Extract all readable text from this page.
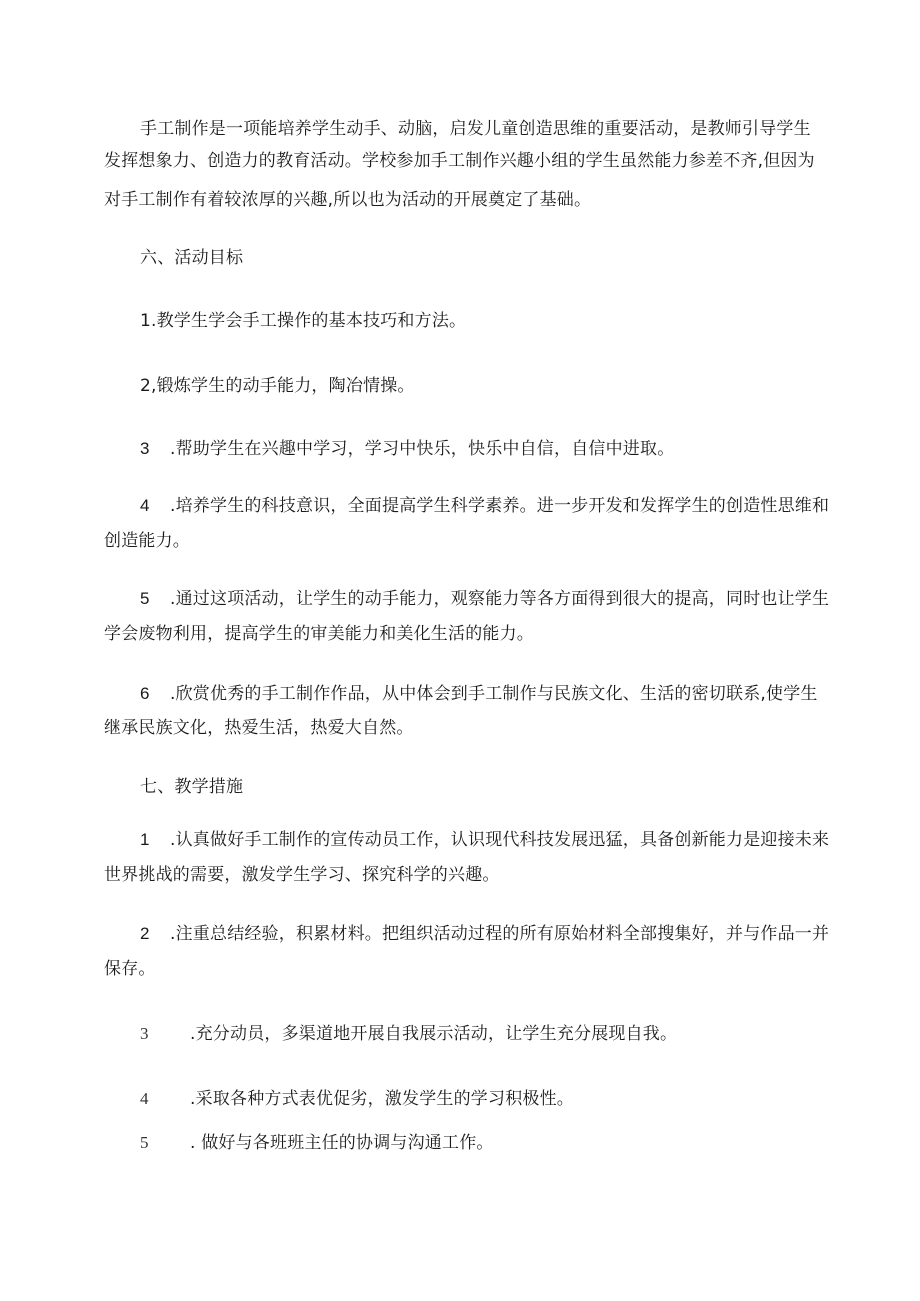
手工制作是一项能培养学生动手、动脑，启发儿童创造思维的重要活动，是教师引导学生
发挥想象力、创造力的教育活动。学校参加手工制作兴趣小组的学生虽然能力参差不齐,但因为
对手工制作有着较浓厚的兴趣,所以也为活动的开展奠定了基础。
六、活动目标
1.教学生学会手工操作的基本技巧和方法。
2,锻炼学生的动手能力，陶冶情操。
3 .帮助学生在兴趣中学习，学习中快乐，快乐中自信，自信中进取。
4 .培养学生的科技意识，全面提高学生科学素养。进一步开发和发挥学生的创造性思维和
创造能力。
5 .通过这项活动，让学生的动手能力，观察能力等各方面得到很大的提高，同时也让学生
学会废物利用，提高学生的审美能力和美化生活的能力。
6 .欣赏优秀的手工制作作品，从中体会到手工制作与民族文化、生活的密切联系,使学生
继承民族文化，热爱生活，热爱大自然。
七、教学措施
1 .认真做好手工制作的宣传动员工作，认识现代科技发展迅猛，具备创新能力是迎接未来
世界挑战的需要，激发学生学习、探究科学的兴趣。
2 .注重总结经验，积累材料。把组织活动过程的所有原始材料全部搜集好，并与作品一并
保存。
3 .充分动员，多渠道地开展自我展示活动，让学生充分展现自我。
4 .采取各种方式表优促劣，激发学生的学习积极性。
5 . 做好与各班班主任的协调与沟通工作。
